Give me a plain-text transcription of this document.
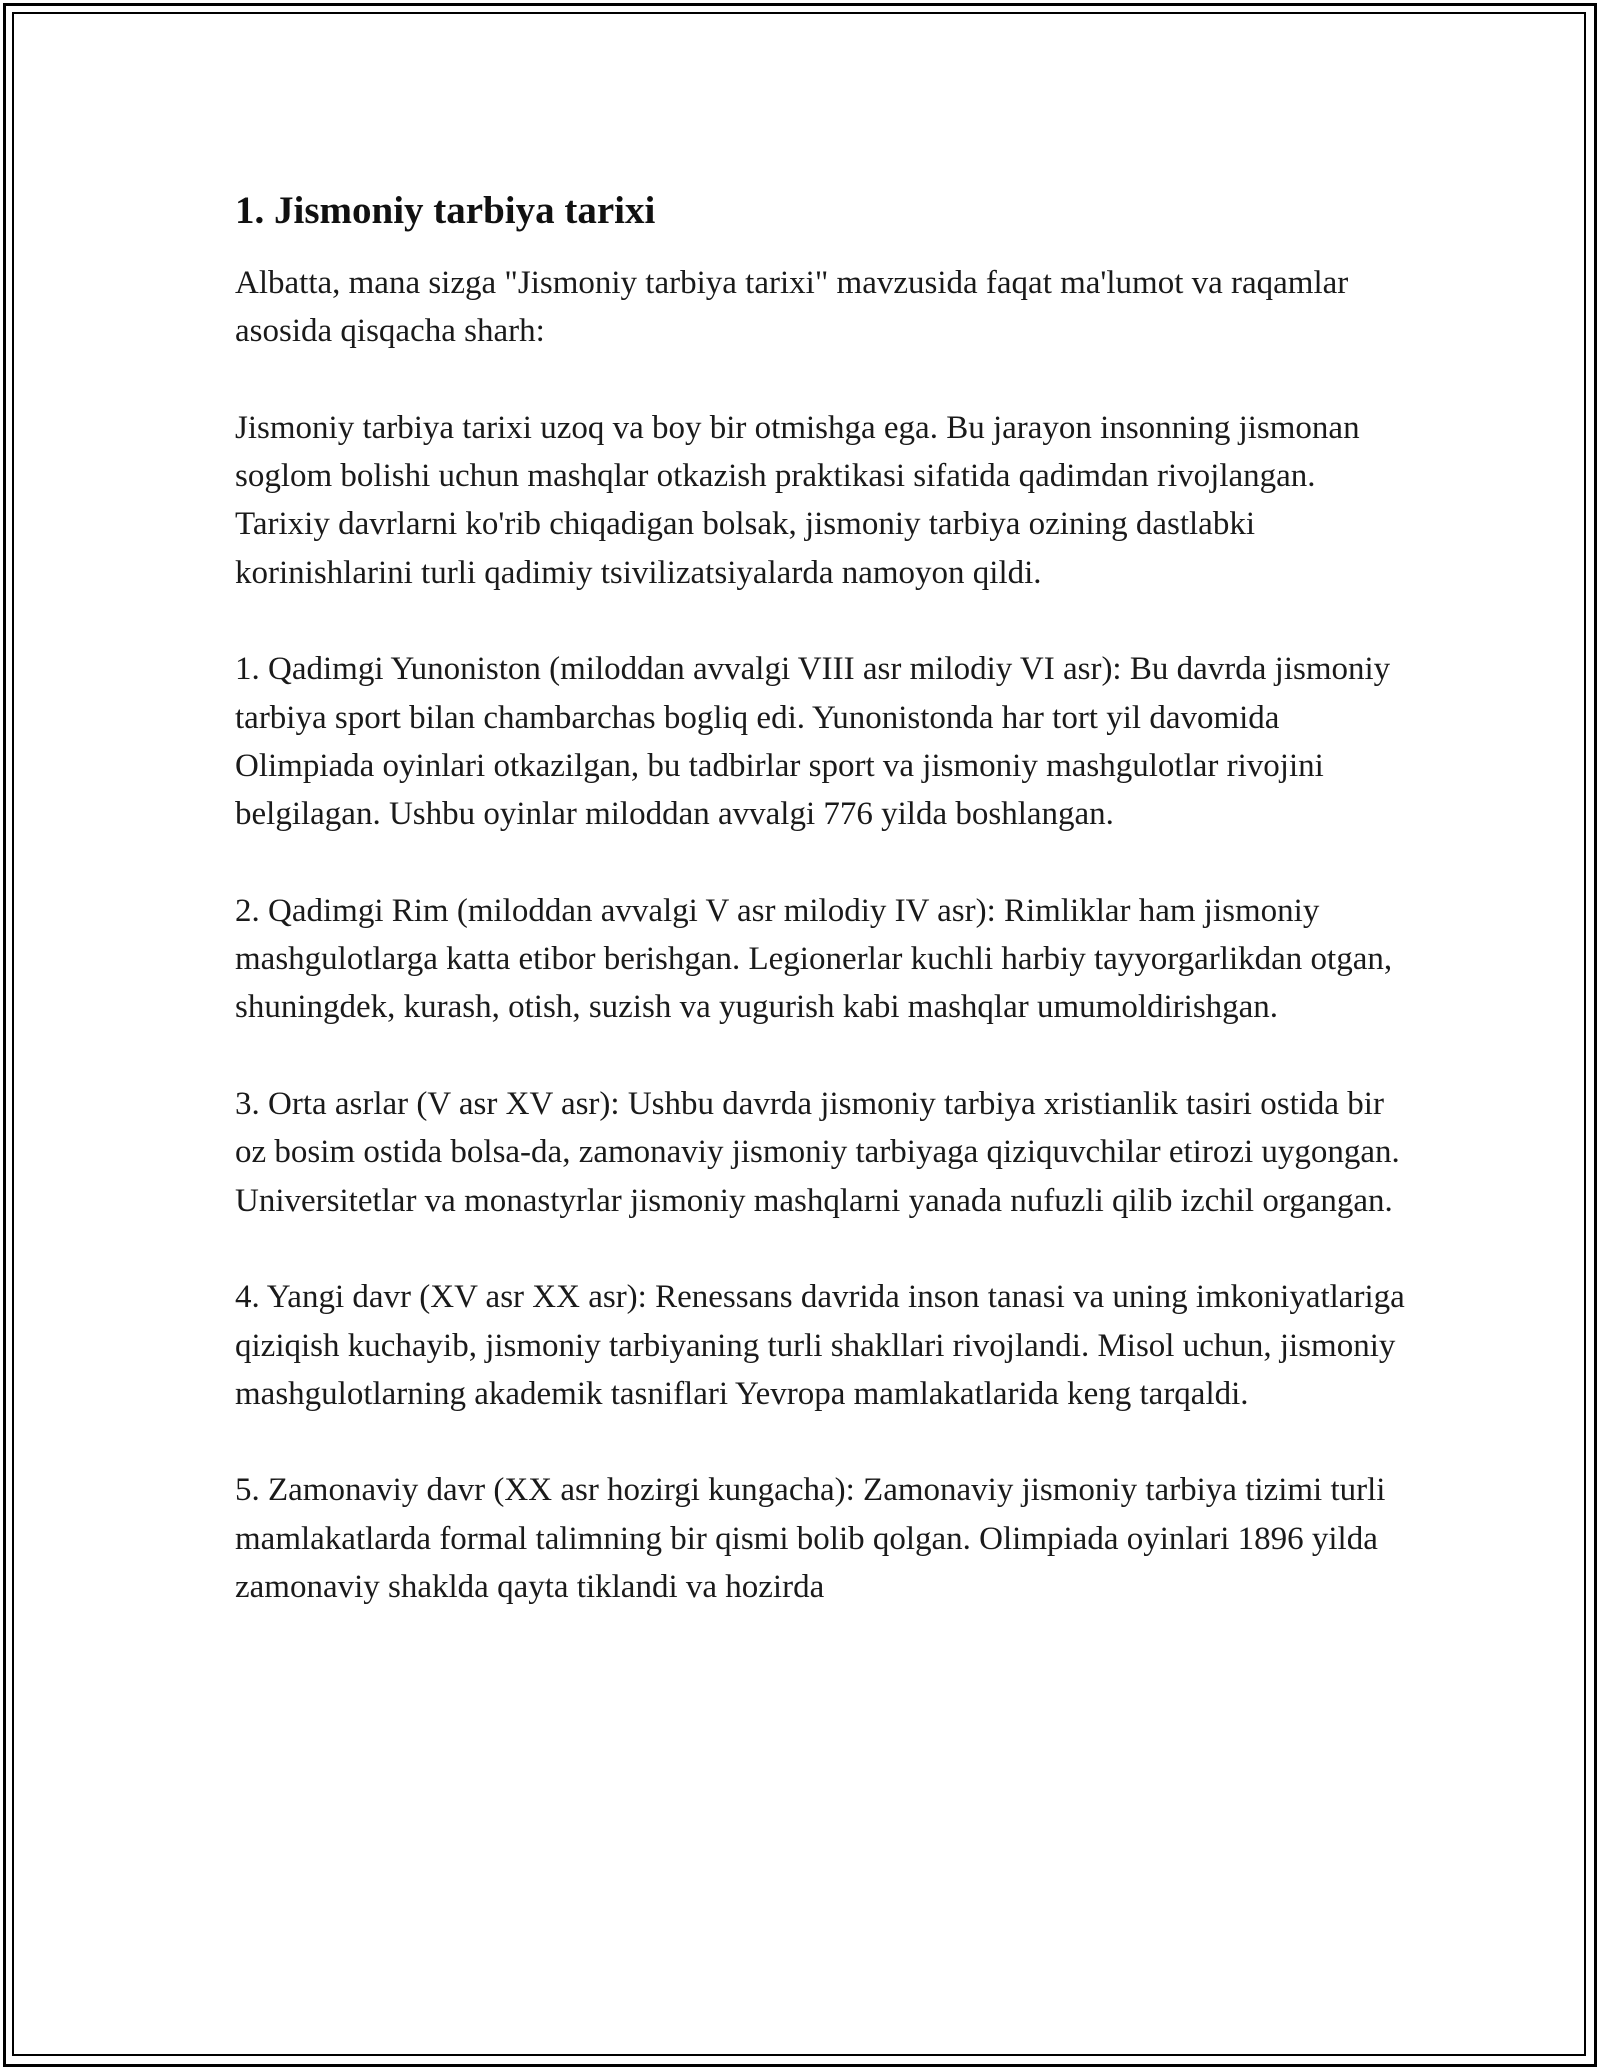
1. Jismoniy tarbiya tarixi

Albatta, mana sizga "Jismoniy tarbiya tarixi" mavzusida faqat ma'lumot va raqamlar asosida qisqacha sharh:

Jismoniy tarbiya tarixi uzoq va boy bir otmishga ega. Bu jarayon insonning jismonan soglom bolishi uchun mashqlar otkazish praktikasi sifatida qadimdan rivojlangan. Tarixiy davrlarni ko'rib chiqadigan bolsak, jismoniy tarbiya ozining dastlabki korinishlarini turli qadimiy tsivilizatsiyalarda namoyon qildi.

1. Qadimgi Yunoniston (miloddan avvalgi VIII asr milodiy VI asr): Bu davrda jismoniy tarbiya sport bilan chambarchas bogliq edi. Yunonistonda har tort yil davomida Olimpiada oyinlari otkazilgan, bu tadbirlar sport va jismoniy mashgulotlar rivojini belgilagan. Ushbu oyinlar miloddan avvalgi 776 yilda boshlangan.

2. Qadimgi Rim (miloddan avvalgi V asr milodiy IV asr): Rimliklar ham jismoniy mashgulotlarga katta etibor berishgan. Legionerlar kuchli harbiy tayyorgarlikdan otgan, shuningdek, kurash, otish, suzish va yugurish kabi mashqlar umumoldirishgan.

3. Orta asrlar (V asr XV asr): Ushbu davrda jismoniy tarbiya xristianlik tasiri ostida bir oz bosim ostida bolsa-da, zamonaviy jismoniy tarbiyaga qiziquvchilar etirozi uygongan. Universitetlar va monastyrlar jismoniy mashqlarni yanada nufuzli qilib izchil organgan.

4. Yangi davr (XV asr XX asr): Renessans davrida inson tanasi va uning imkoniyatlariga qiziqish kuchayib, jismoniy tarbiyaning turli shakllari rivojlandi. Misol uchun, jismoniy mashgulotlarning akademik tasniflari Yevropa mamlakatlarida keng tarqaldi.

5. Zamonaviy davr (XX asr hozirgi kungacha): Zamonaviy jismoniy tarbiya tizimi turli mamlakatlarda formal talimning bir qismi bolib qolgan. Olimpiada oyinlari 1896 yilda zamonaviy shaklda qayta tiklandi va hozirda
